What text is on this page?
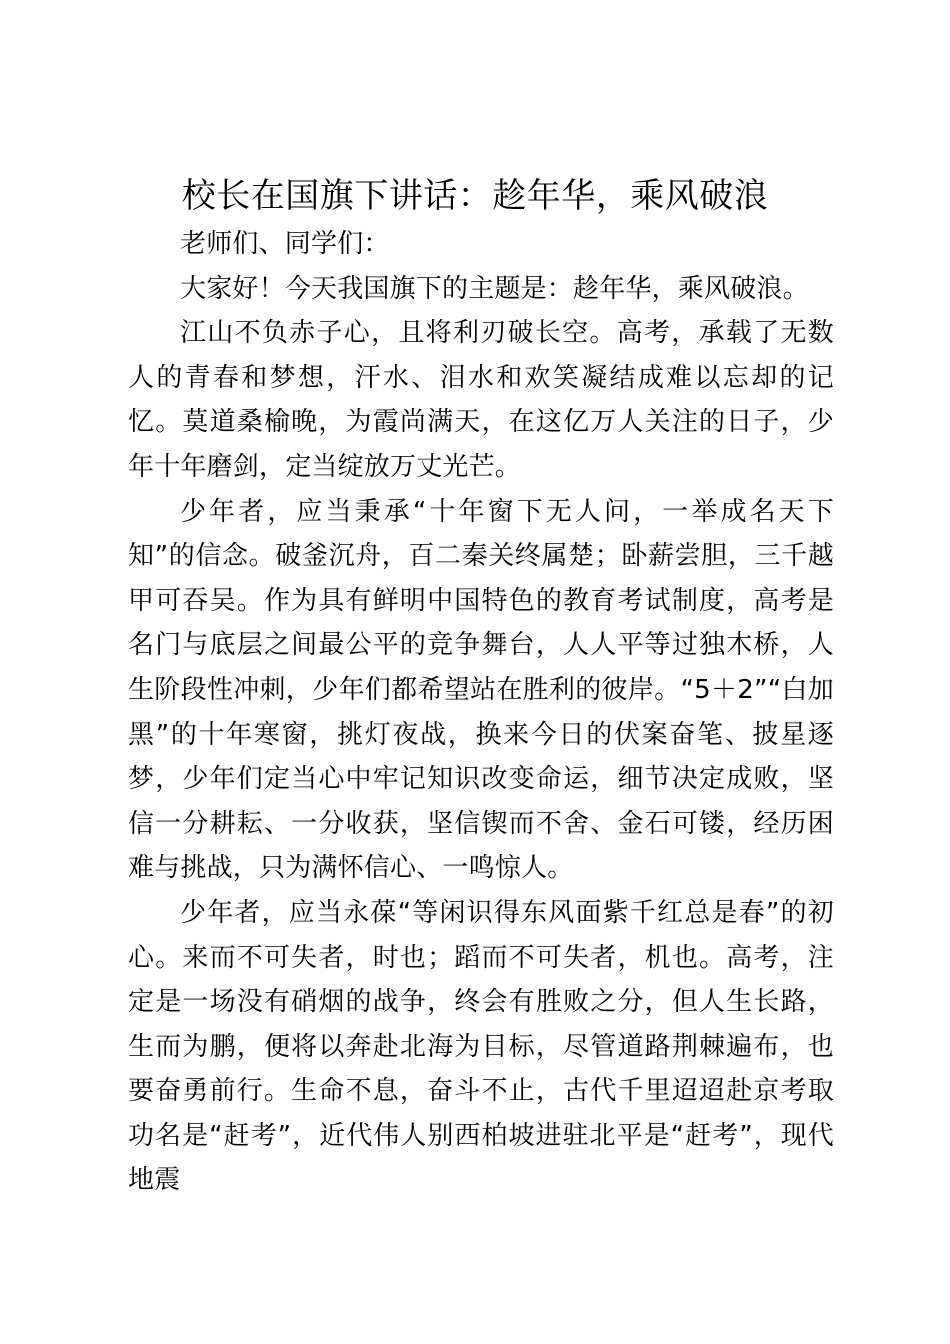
校长在国旗下讲话：趁年华，乘风破浪

老师们、同学们：

大家好！今天我国旗下的主题是：趁年华，乘风破浪。

江山不负赤子心，且将利刃破长空。高考，承载了无数人的青春和梦想，汗水、泪水和欢笑凝结成难以忘却的记忆。莫道桑榆晚，为霞尚满天，在这亿万人关注的日子，少年十年磨剑，定当绽放万丈光芒。

少年者，应当秉承“十年窗下无人问，一举成名天下知”的信念。破釜沉舟，百二秦关终属楚；卧薪尝胆，三千越甲可吞吴。作为具有鲜明中国特色的教育考试制度，高考是名门与底层之间最公平的竞争舞台，人人平等过独木桥，人生阶段性冲刺，少年们都希望站在胜利的彼岸。“5＋2”“白加黑”的十年寒窗，挑灯夜战，换来今日的伏案奋笔、披星逐梦，少年们定当心中牢记知识改变命运，细节决定成败，坚信一分耕耘、一分收获，坚信锲而不舍、金石可镂，经历困难与挑战，只为满怀信心、一鸣惊人。

少年者，应当永葆“等闲识得东风面紫千红总是春”的初心。来而不可失者，时也；蹈而不可失者，机也。高考，注定是一场没有硝烟的战争，终会有胜败之分，但人生长路，生而为鹏，便将以奔赴北海为目标，尽管道路荆棘遍布，也要奋勇前行。生命不息，奋斗不止，古代千里迢迢赴京考取功名是“赶考”，近代伟人别西柏坡进驻北平是“赶考”，现代地震
